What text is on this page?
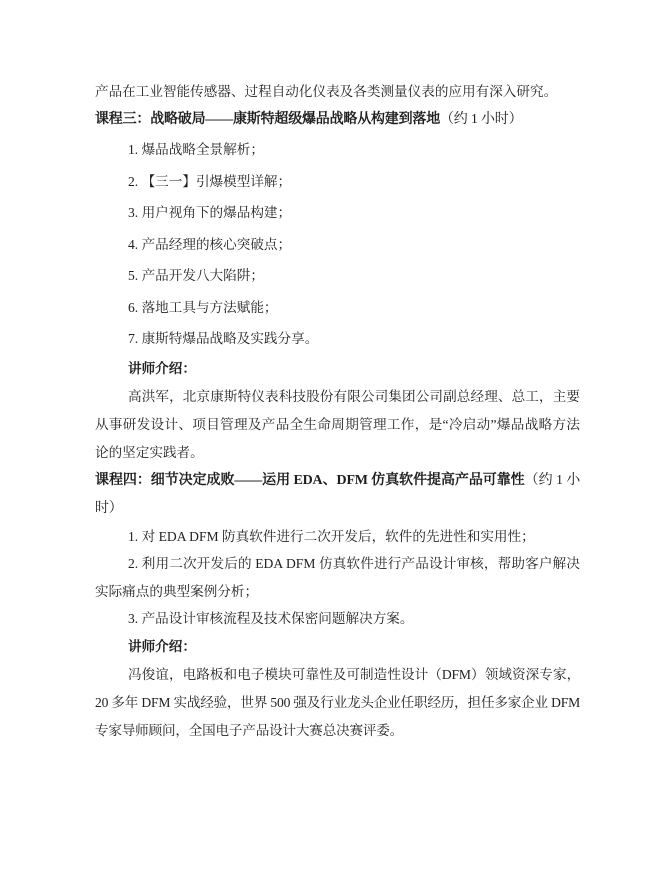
产品在工业智能传感器、过程自动化仪表及各类测量仪表的应用有深入研究。

课程三：战略破局——康斯特超级爆品战略从构建到落地（约 1 小时）

1. 爆品战略全景解析；

2. 【三一】引爆模型详解；

3. 用户视角下的爆品构建；

4. 产品经理的核心突破点；

5. 产品开发八大陷阱；

6. 落地工具与方法赋能；

7. 康斯特爆品战略及实践分享。

讲师介绍：

高洪军，北京康斯特仪表科技股份有限公司集团公司副总经理、总工，主要从事研发设计、项目管理及产品全生命周期管理工作，是“冷启动”爆品战略方法论的坚定实践者。

课程四：细节决定成败——运用 EDA、DFM 仿真软件提高产品可靠性（约 1 小时）

1. 对 EDA DFM 防真软件进行二次开发后，软件的先进性和实用性；

2. 利用二次开发后的 EDA DFM 仿真软件进行产品设计审核，帮助客户解决实际痛点的典型案例分析；

3. 产品设计审核流程及技术保密问题解决方案。

讲师介绍：

冯俊谊，电路板和电子模块可靠性及可制造性设计（DFM）领域资深专家，20 多年 DFM 实战经验，世界 500 强及行业龙头企业任职经历，担任多家企业 DFM 专家导师顾问，全国电子产品设计大赛总决赛评委。
